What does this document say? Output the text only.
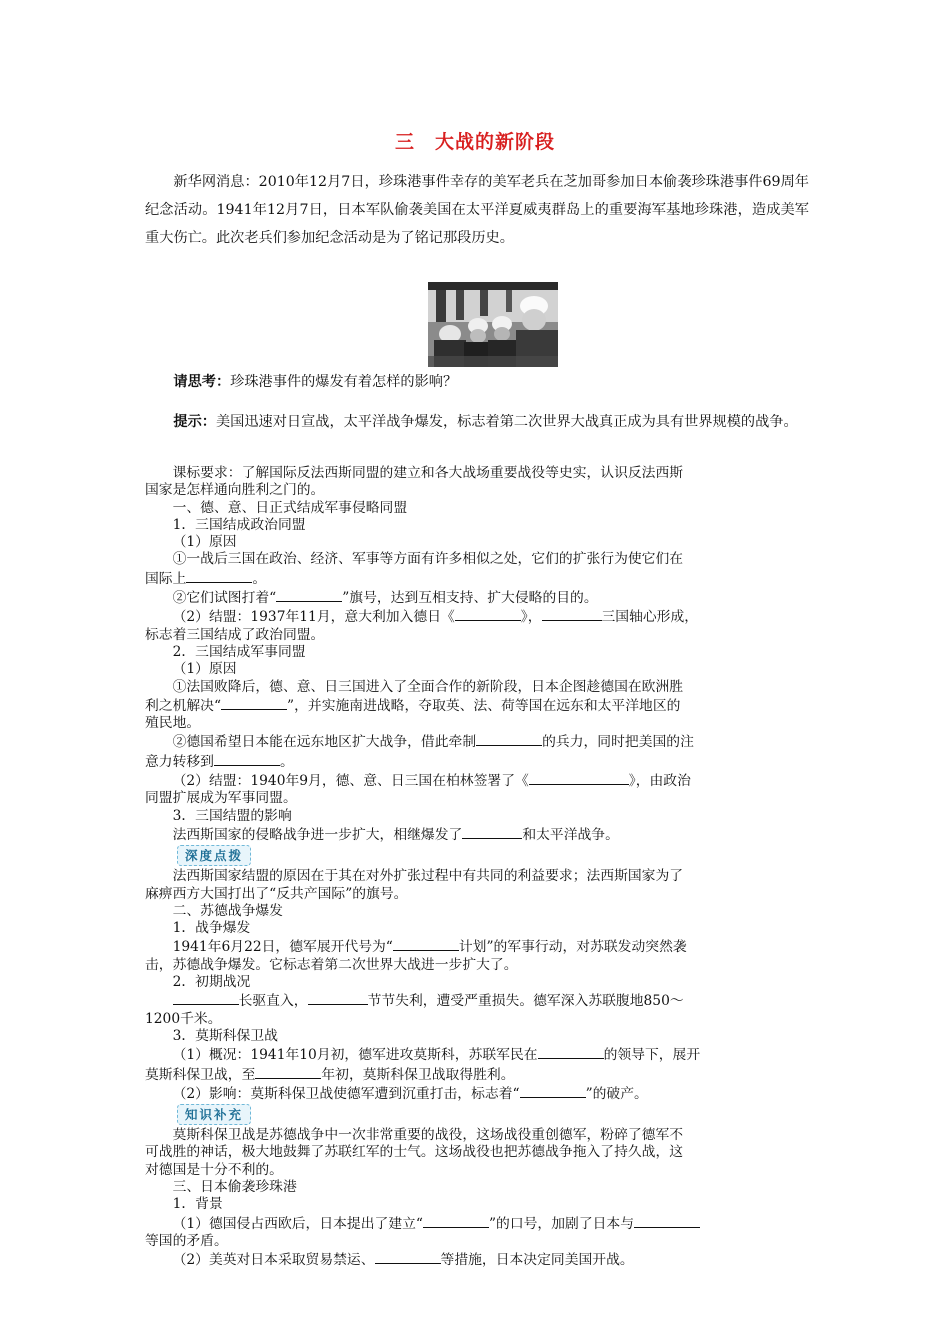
三　大战的新阶段

新华网消息：2010年12月7日，珍珠港事件幸存的美军老兵在芝加哥参加日本偷袭珍珠港事件69周年纪念活动。1941年12月7日，日本军队偷袭美国在太平洋夏威夷群岛上的重要海军基地珍珠港，造成美军重大伤亡。此次老兵们参加纪念活动是为了铭记那段历史。

请思考：珍珠港事件的爆发有着怎样的影响？
提示：美国迅速对日宣战，太平洋战争爆发，标志着第二次世界大战真正成为具有世界规模的战争。

课标要求：了解国际反法西斯同盟的建立和各大战场重要战役等史实，认识反法西斯

国家是怎样通向胜利之门的。

一、德、意、日正式结成军事侵略同盟

1．三国结成政治同盟

（1）原因

①一战后三国在政治、经济、军事等方面有许多相似之处，它们的扩张行为使它们在

国际上	。

②它们试图打着“	”旗号，达到互相支持、扩大侵略的目的。

（2）结盟：1937年11月，意大利加入德日《	》，	三国轴心形成，

标志着三国结成了政治同盟。

2．三国结成军事同盟

（1）原因

①法国败降后，德、意、日三国进入了全面合作的新阶段，日本企图趁德国在欧洲胜

利之机解决“	”，并实施南进战略，夺取英、法、荷等国在远东和太平洋地区的

殖民地。

②德国希望日本能在远东地区扩大战争，借此牵制	的兵力，同时把美国的注

意力转移到	。

（2）结盟：1940年9月，德、意、日三国在柏林签署了《	》，由政治

同盟扩展成为军事同盟。

3．三国结盟的影响

法西斯国家的侵略战争进一步扩大，相继爆发了	和太平洋战争。

深度点拨

法西斯国家结盟的原因在于其在对外扩张过程中有共同的利益要求；法西斯国家为了

麻痹西方大国打出了“反共产国际”的旗号。

二、苏德战争爆发

1．战争爆发

1941年6月22日，德军展开代号为“	计划”的军事行动，对苏联发动突然袭

击，苏德战争爆发。它标志着第二次世界大战进一步扩大了。

2．初期战况

长驱直入，	节节失利，遭受严重损失。德军深入苏联腹地850～

1200千米。

3．莫斯科保卫战

（1）概况：1941年10月初，德军进攻莫斯科，苏联军民在	的领导下，展开

莫斯科保卫战，至	年初，莫斯科保卫战取得胜利。

（2）影响：莫斯科保卫战使德军遭到沉重打击，标志着“	”的破产。

知识补充

莫斯科保卫战是苏德战争中一次非常重要的战役，这场战役重创德军，粉碎了德军不

可战胜的神话，极大地鼓舞了苏联红军的士气。这场战役也把苏德战争拖入了持久战，这

对德国是十分不利的。

三、日本偷袭珍珠港

1．背景

（1）德国侵占西欧后，日本提出了建立“	”的口号，加剧了日本与

等国的矛盾。

（2）美英对日本采取贸易禁运、	等措施，日本决定同美国开战。
